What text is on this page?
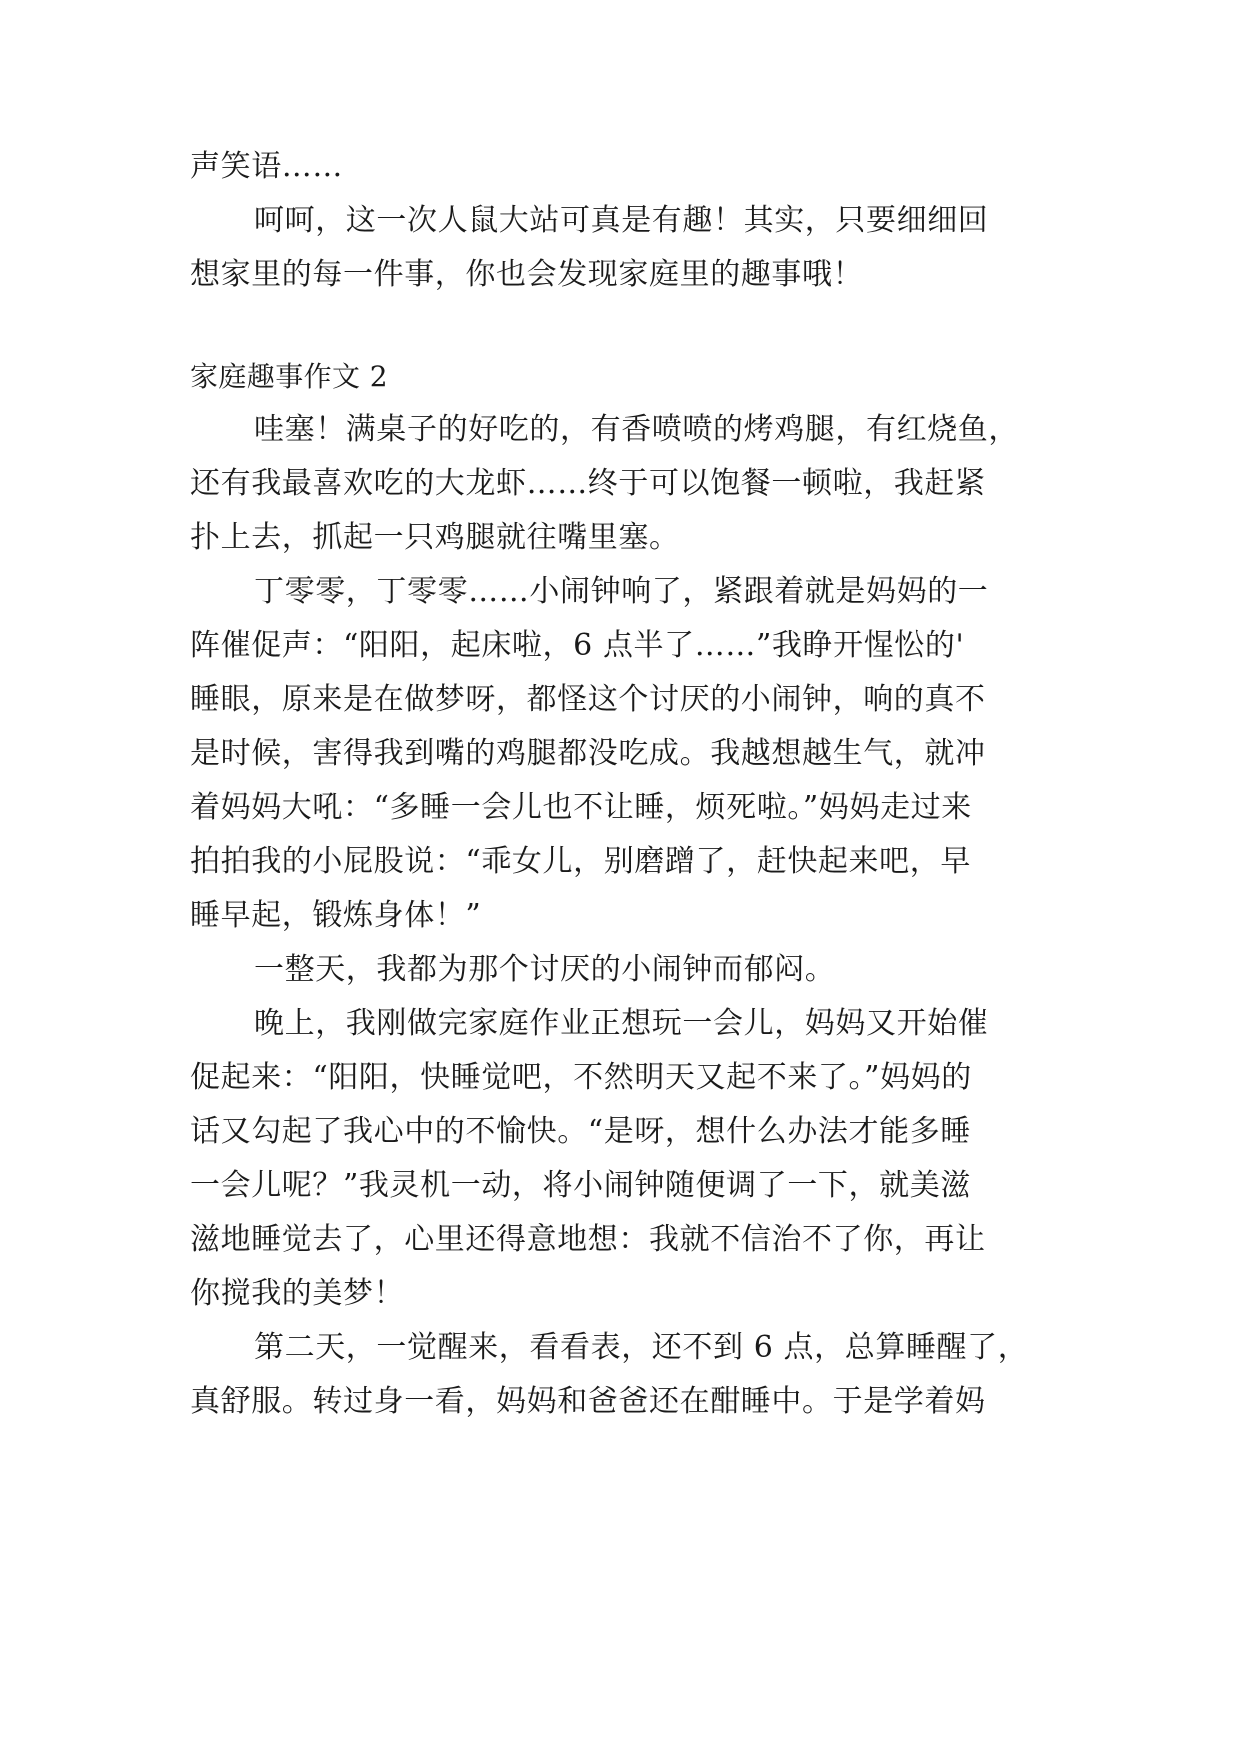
声笑语……
呵呵，这一次人鼠大站可真是有趣！其实，只要细细回
想家里的每一件事，你也会发现家庭里的趣事哦！
家庭趣事作文 2
哇塞！满桌子的好吃的，有香喷喷的烤鸡腿，有红烧鱼，
还有我最喜欢吃的大龙虾……终于可以饱餐一顿啦，我赶紧
扑上去，抓起一只鸡腿就往嘴里塞。
丁零零，丁零零……小闹钟响了，紧跟着就是妈妈的一
阵催促声：“阳阳，起床啦，6 点半了……”我睁开惺忪的'
睡眼，原来是在做梦呀，都怪这个讨厌的小闹钟，响的真不
是时候，害得我到嘴的鸡腿都没吃成。我越想越生气，就冲
着妈妈大吼：“多睡一会儿也不让睡，烦死啦。”妈妈走过来
拍拍我的小屁股说：“乖女儿，别磨蹭了，赶快起来吧，早
睡早起，锻炼身体！”
一整天，我都为那个讨厌的小闹钟而郁闷。
晚上，我刚做完家庭作业正想玩一会儿，妈妈又开始催
促起来：“阳阳，快睡觉吧，不然明天又起不来了。”妈妈的
话又勾起了我心中的不愉快。“是呀，想什么办法才能多睡
一会儿呢？”我灵机一动，将小闹钟随便调了一下，就美滋
滋地睡觉去了，心里还得意地想：我就不信治不了你，再让
你搅我的美梦！
第二天，一觉醒来，看看表，还不到 6 点，总算睡醒了，
真舒服。转过身一看，妈妈和爸爸还在酣睡中。于是学着妈
